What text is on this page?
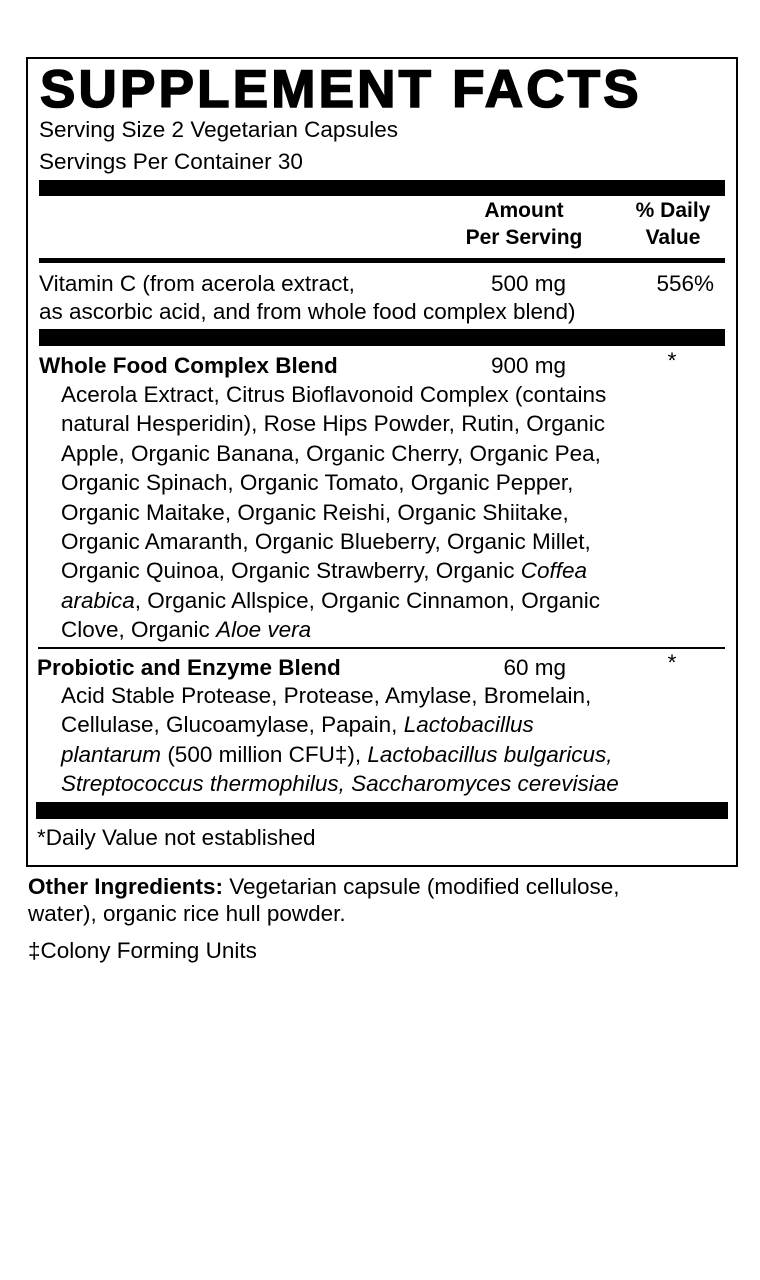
SUPPLEMENT FACTS
Serving Size 2 Vegetarian Capsules
Servings Per Container 30
Amount
Per Serving
% Daily
Value
Vitamin C (from acerola extract,
as ascorbic acid, and from whole food complex blend)
500 mg	556%
Whole Food Complex Blend	900 mg	*
Acerola Extract, Citrus Bioflavonoid Complex (contains
natural Hesperidin), Rose Hips Powder, Rutin, Organic
Apple, Organic Banana, Organic Cherry, Organic Pea,
Organic Spinach, Organic Tomato, Organic Pepper,
Organic Maitake, Organic Reishi, Organic Shiitake,
Organic Amaranth, Organic Blueberry, Organic Millet,
Organic Quinoa, Organic Strawberry, Organic Coffea
arabica, Organic Allspice, Organic Cinnamon, Organic
Clove, Organic Aloe vera
Probiotic and Enzyme Blend	60 mg	*
Acid Stable Protease, Protease, Amylase, Bromelain,
Cellulase, Glucoamylase, Papain, Lactobacillus
plantarum (500 million CFU‡), Lactobacillus bulgaricus,
Streptococcus thermophilus, Saccharomyces cerevisiae
*Daily Value not established
Other Ingredients: Vegetarian capsule (modified cellulose,
water), organic rice hull powder.
‡Colony Forming Units
